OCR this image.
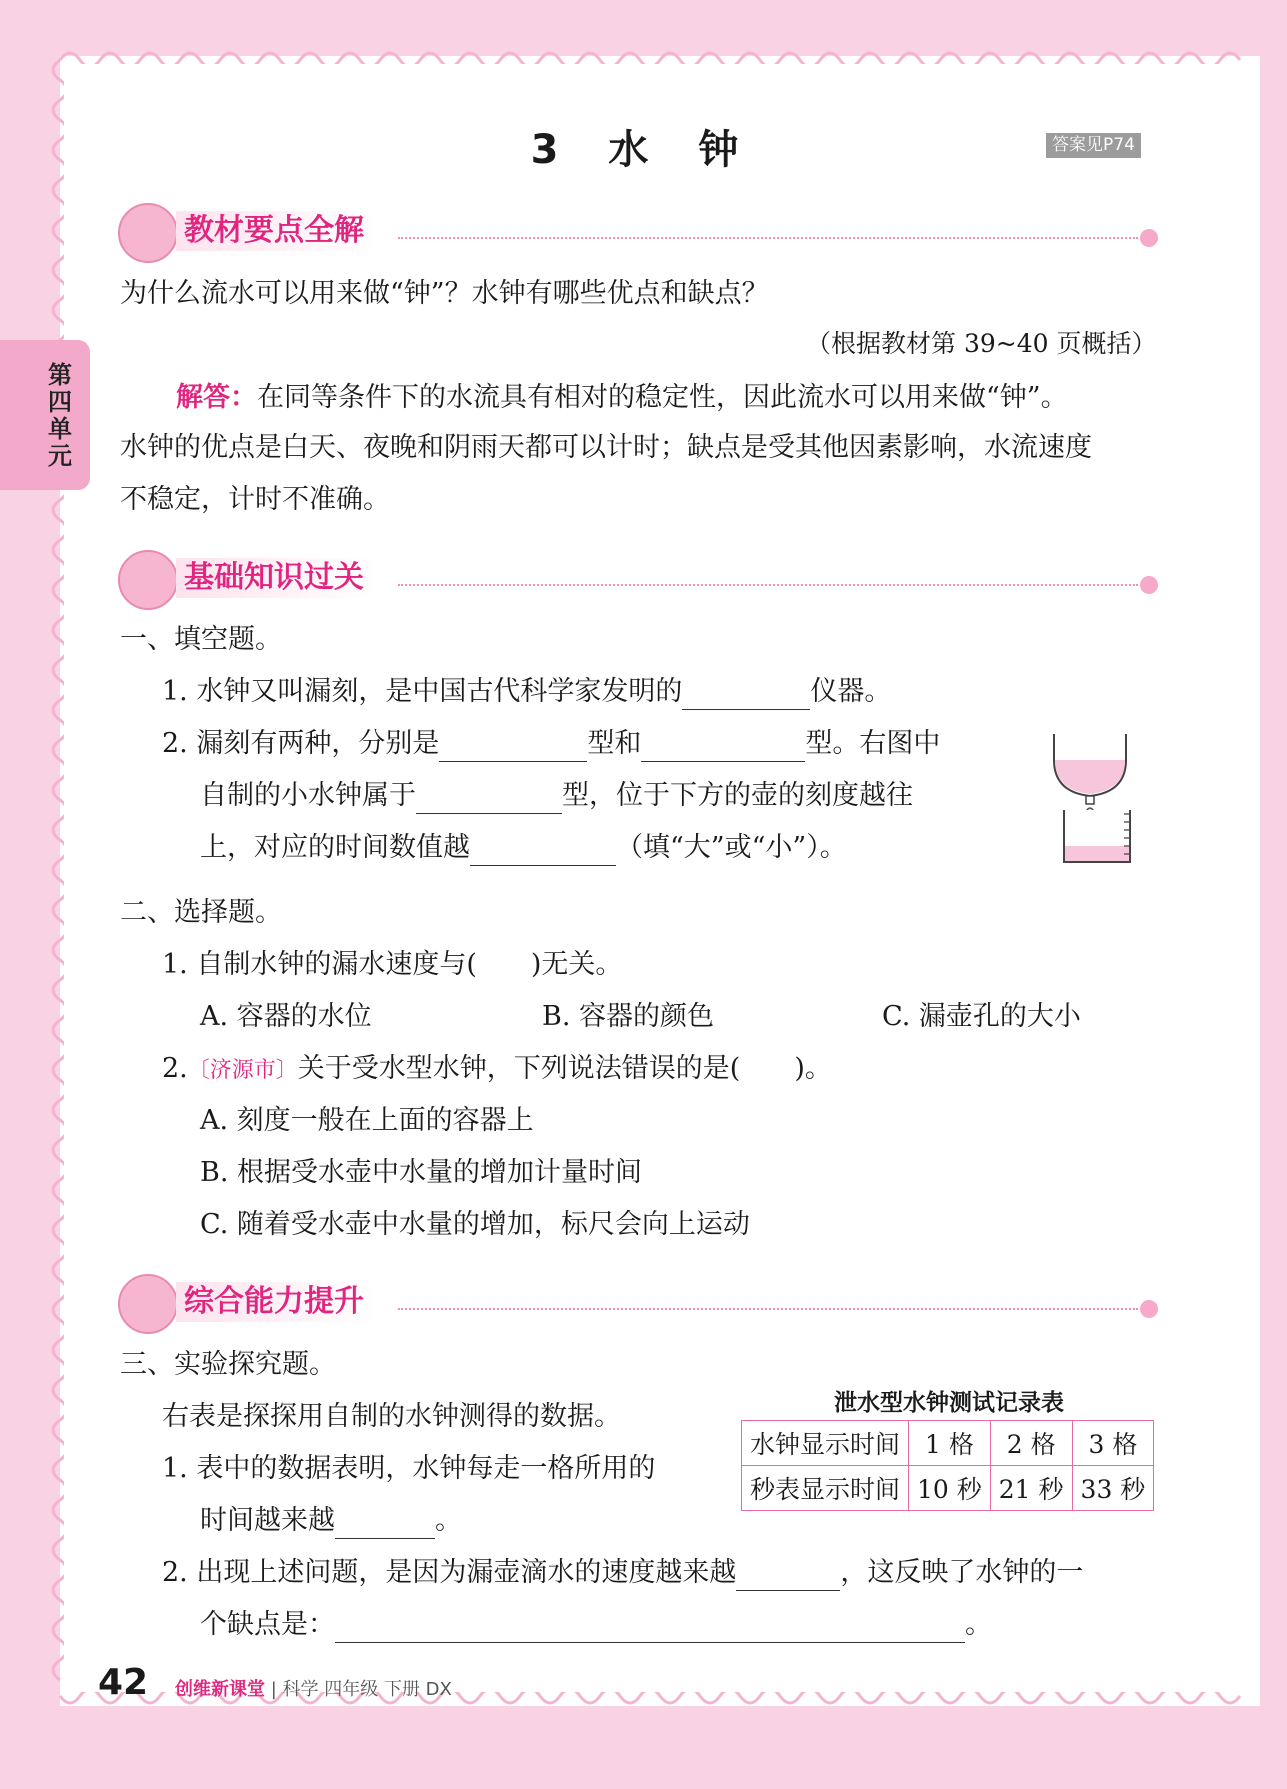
3 水 钟	答案见P74
第四单元
教材要点全解
为什么流水可以用来做“钟”？水钟有哪些优点和缺点？
（根据教材第 39~40 页概括）
解答：在同等条件下的水流具有相对的稳定性，因此流水可以用来做“钟”。
水钟的优点是白天、夜晚和阴雨天都可以计时；缺点是受其他因素影响，水流速度
不稳定，计时不准确。
基础知识过关
一、填空题。
1. 水钟又叫漏刻，是中国古代科学家发明的	仪器。
2. 漏刻有两种，分别是	型和	型。右图中
自制的小水钟属于	型，位于下方的壶的刻度越往
上，对应的时间数值越	（填“大”或“小”）。
二、选择题。
1. 自制水钟的漏水速度与(　　)无关。
A. 容器的水位	B. 容器的颜色	C. 漏壶孔的大小
2.〔济源市〕关于受水型水钟，下列说法错误的是(　　)。
A. 刻度一般在上面的容器上
B. 根据受水壶中水量的增加计量时间
C. 随着受水壶中水量的增加，标尺会向上运动
综合能力提升
三、实验探究题。
右表是探探用自制的水钟测得的数据。
1. 表中的数据表明，水钟每走一格所用的
时间越来越	。
2. 出现上述问题，是因为漏壶滴水的速度越来越	，这反映了水钟的一
个缺点是：	。
泄水型水钟测试记录表
水钟显示时间	1 格	2 格	3 格
秒表显示时间	10 秒	21 秒	33 秒
42 创维新课堂 | 科学 四年级 下册 DX
